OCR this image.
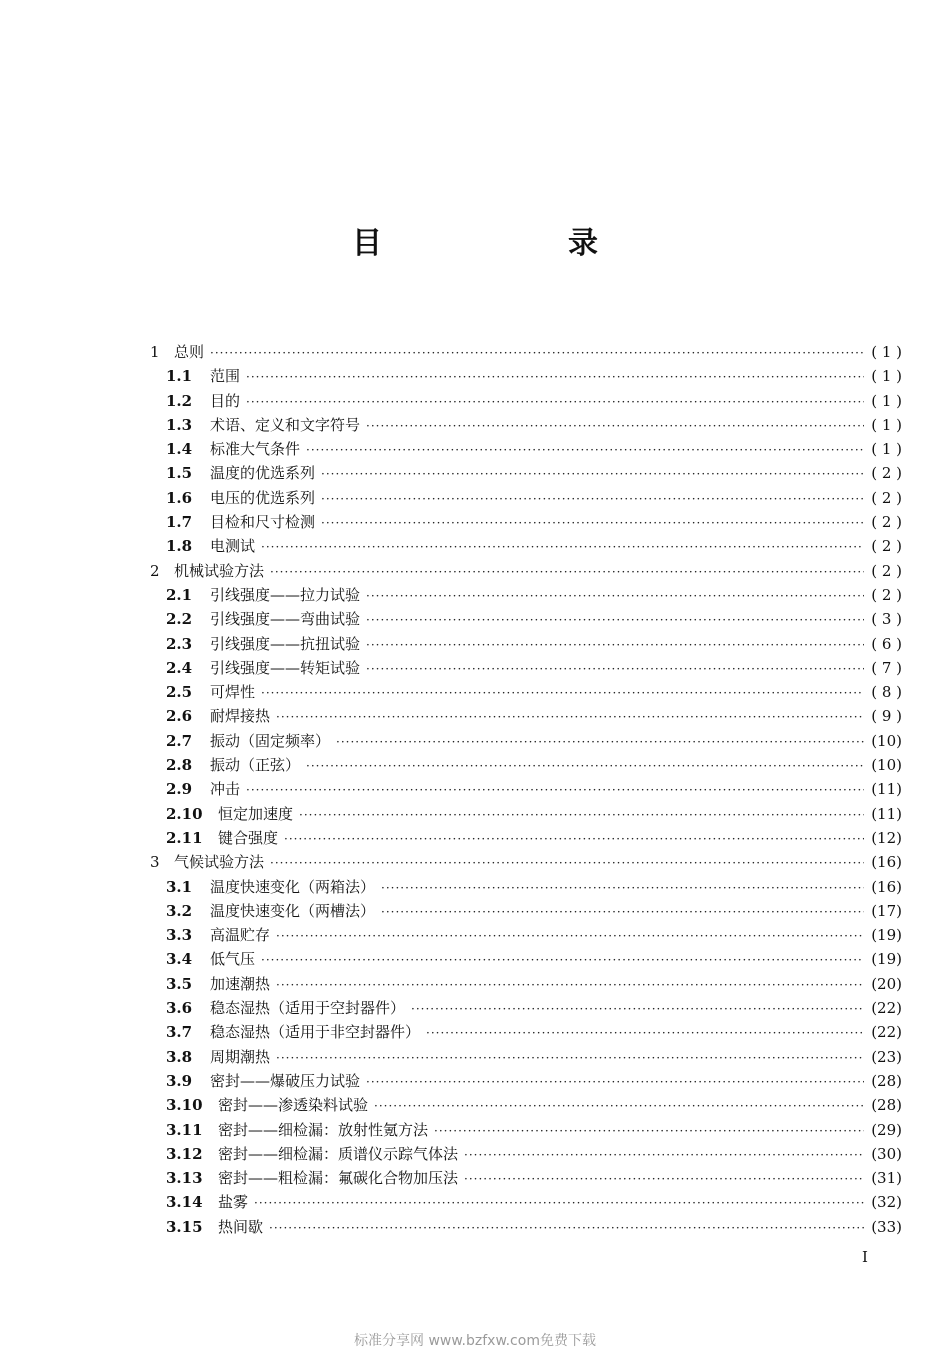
目　录
1 总则 ·····	( 1 )
1.1	范围 ·····	( 1 )
1.2	目的 ·····	( 1 )
1.3	术语、定义和文字符号 ·····	( 1 )
1.4	标准大气条件 ·····	( 1 )
1.5	温度的优选系列 ·····	( 2 )
1.6	电压的优选系列 ·····	( 2 )
1.7	目检和尺寸检测 ·····	( 2 )
1.8	电测试 ·····	( 2 )
2 机械试验方法 ·····	( 2 )
2.1	引线强度——拉力试验 ·····	( 2 )
2.2	引线强度——弯曲试验 ·····	( 3 )
2.3	引线强度——抗扭试验 ·····	( 6 )
2.4	引线强度——转矩试验 ·····	( 7 )
2.5	可焊性 ·····	( 8 )
2.6	耐焊接热 ·····	( 9 )
2.7	振动（固定频率） ·····	(10)
2.8	振动（正弦） ·····	(10)
2.9	冲击 ·····	(11)
2.10	恒定加速度 ·····	(11)
2.11	键合强度 ·····	(12)
3 气候试验方法 ·····	(16)
3.1	温度快速变化（两箱法） ·····	(16)
3.2	温度快速变化（两槽法） ·····	(17)
3.3	高温贮存 ·····	(19)
3.4	低气压 ·····	(19)
3.5	加速潮热 ·····	(20)
3.6	稳态湿热（适用于空封器件） ·····	(22)
3.7	稳态湿热（适用于非空封器件） ·····	(22)
3.8	周期潮热 ·····	(23)
3.9	密封——爆破压力试验 ·····	(28)
3.10	密封——渗透染料试验 ·····	(28)
3.11	密封——细检漏：放射性氪方法 ·····	(29)
3.12	密封——细检漏：质谱仪示踪气体法 ·····	(30)
3.13	密封——粗检漏：氟碳化合物加压法 ·····	(31)
3.14	盐雾 ·····	(32)
3.15	热间歇 ·····	(33)
I
标准分享网 www.bzfxw.com免费下载
